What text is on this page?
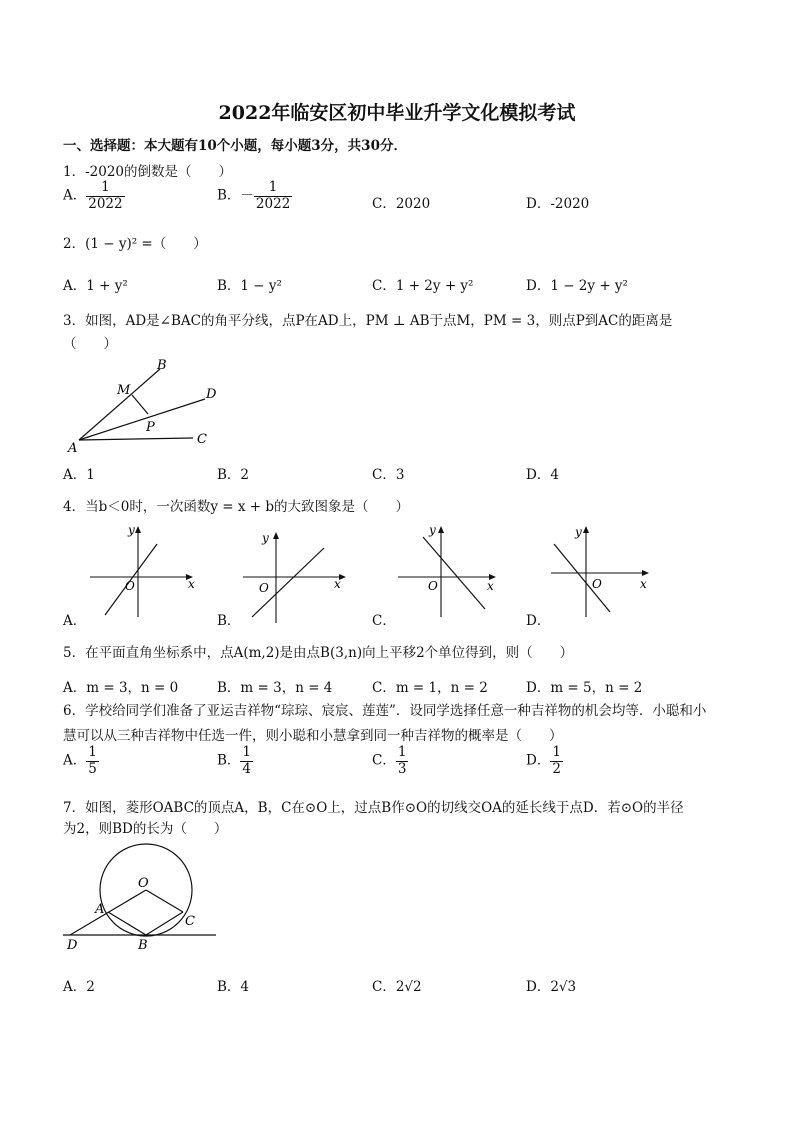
2022年临安区初中毕业升学文化模拟考试
一、选择题：本大题有10个小题，每小题3分，共30分．
1．-2020的倒数是（　　）
A． $\frac{1}{2022}$	B．－ $\frac{1}{2022}$	C．2020	D．-2020
2．(1 − y)² =（　　）
A．1 + y²	B．1 − y²	C．1 + 2y + y²	D．1 − 2y + y²
3．如图，AD是∠BAC的角平分线，点P在AD上，PM ⊥ AB于点M，PM = 3，则点P到AC的距离是
（　　）
A
B
C
D
M
P
A．1	B．2	C．3	D．4
4．当b＜0时，一次函数y = x + b的大致图象是（　　）
x
y
O	x
y
O	x
y
O	x
y
O
A．	B．	C．	D．
5．在平面直角坐标系中，点A(m,2)是由点B(3,n)向上平移2个单位得到，则（　　）
A．m = 3，n = 0	B．m = 3，n = 4	C．m = 1，n = 2	D．m = 5，n = 2
6．学校给同学们准备了亚运吉祥物“琮琮、宸宸、莲莲”．设同学选择任意一种吉祥物的机会均等．小聪和小
慧可以从三种吉祥物中任选一件，则小聪和小慧拿到同一种吉祥物的概率是（　　）
A． $\frac{1}{5}$	B． $\frac{1}{4}$	C． $\frac{1}{3}$	D． $\frac{1}{2}$
7．如图，菱形OABC的顶点A，B，C在⊙O上，过点B作⊙O的切线交OA的延长线于点D．若⊙O的半径
为2，则BD的长为（　　）
O
A
B
C
D
A．2	B．4	C．2√2	D．2√3
